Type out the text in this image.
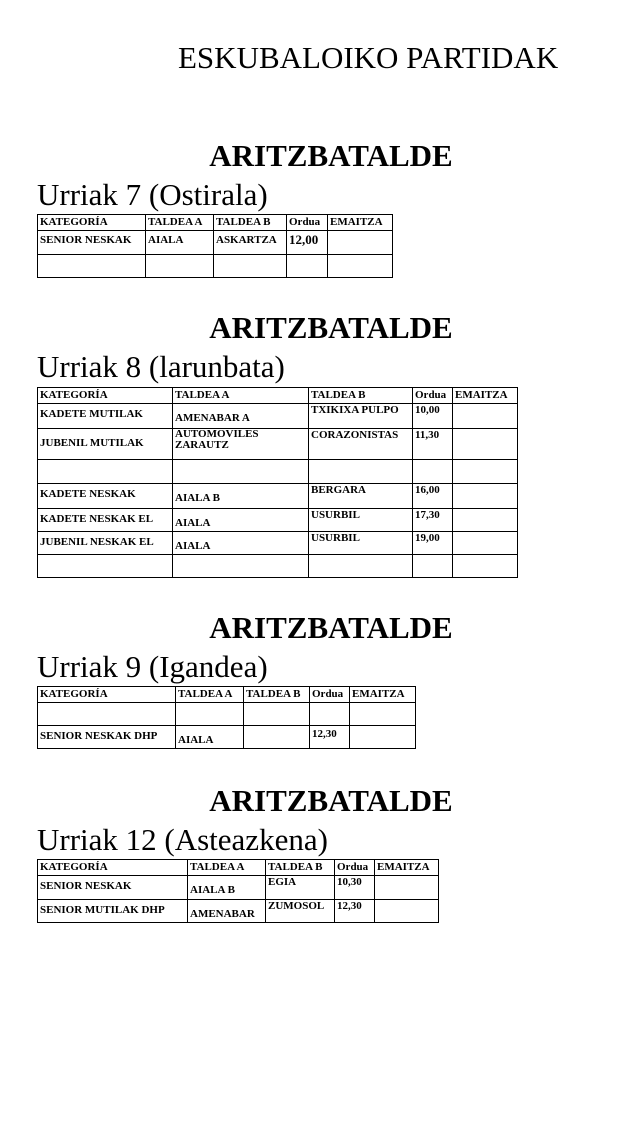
ESKUBALOIKO PARTIDAK
ARITZBATALDE
Urriak 7 (Ostirala)
KATEGORÍA	TALDEA A	TALDEA B	Ordua	EMAITZA
SENIOR NESKAK	AIALA	ASKARTZA	12,00	

ARITZBATALDE
Urriak 8 (larunbata)
KATEGORÍA	TALDEA A	TALDEA B	Ordua	EMAITZA
KADETE MUTILAK	AMENABAR A	TXIKIXA PULPO	10,00	
JUBENIL MUTILAK	AUTOMOVILES ZARAUTZ	CORAZONISTAS	11,30	

KADETE NESKAK	AIALA B	BERGARA	16,00	
KADETE NESKAK EL	AIALA	USURBIL	17,30	
JUBENIL NESKAK EL	AIALA	USURBIL	19,00	

ARITZBATALDE
Urriak 9 (Igandea)
KATEGORÍA	TALDEA A	TALDEA B	Ordua	EMAITZA

SENIOR NESKAK DHP	AIALA		12,30	
ARITZBATALDE
Urriak 12 (Asteazkena)
KATEGORÍA	TALDEA A	TALDEA B	Ordua	EMAITZA
SENIOR NESKAK	AIALA B	EGIA	10,30	
SENIOR MUTILAK DHP	AMENABAR	ZUMOSOL	12,30	
